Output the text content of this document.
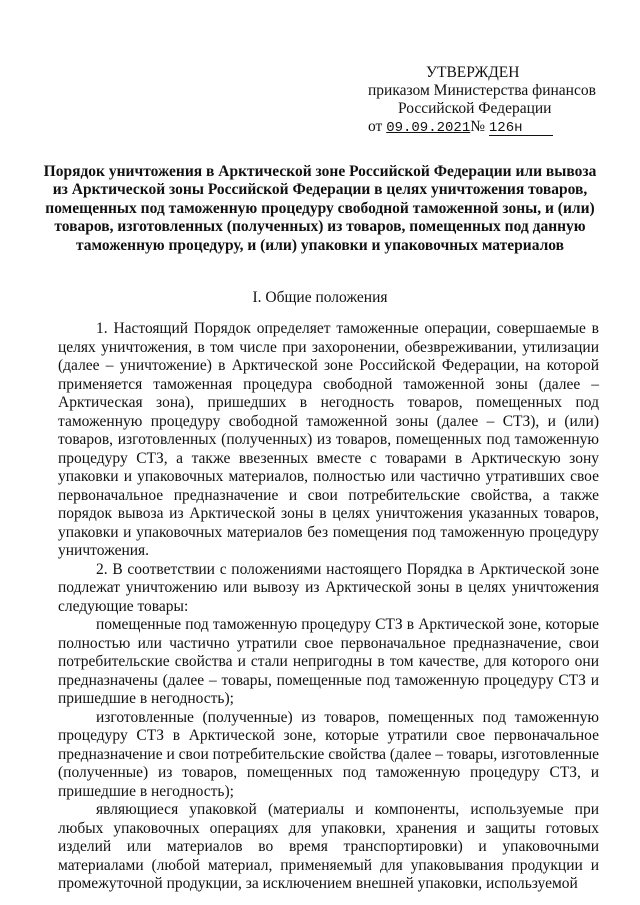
УТВЕРЖДЕН
приказом Министерства финансов
Российской Федерации
от 09.09.2021№ 126н
Порядок уничтожения в Арктической зоне Российской Федерации или вывоза из Арктической зоны Российской Федерации в целях уничтожения товаров, помещенных под таможенную процедуру свободной таможенной зоны, и (или) товаров, изготовленных (полученных) из товаров, помещенных под данную таможенную процедуру, и (или) упаковки и упаковочных материалов
I. Общие положения

1. Настоящий Порядок определяет таможенные операции, совершаемые в целях уничтожения, в том числе при захоронении, обезвреживании, утилизации (далее – уничтожение) в Арктической зоне Российской Федерации, на которой применяется таможенная процедура свободной таможенной зоны (далее – Арктическая зона), пришедших в негодность товаров, помещенных под таможенную процедуру свободной таможенной зоны (далее – СТЗ), и (или) товаров, изготовленных (полученных) из товаров, помещенных под таможенную процедуру СТЗ, а также ввезенных вместе с товарами в Арктическую зону упаковки и упаковочных материалов, полностью или частично утративших свое первоначальное предназначение и свои потребительские свойства, а также порядок вывоза из Арктической зоны в целях уничтожения указанных товаров, упаковки и упаковочных материалов без помещения под таможенную процедуру уничтожения.

2. В соответствии с положениями настоящего Порядка в Арктической зоне подлежат уничтожению или вывозу из Арктической зоны в целях уничтожения следующие товары:

помещенные под таможенную процедуру СТЗ в Арктической зоне, которые полностью или частично утратили свое первоначальное предназначение, свои потребительские свойства и стали непригодны в том качестве, для которого они предназначены (далее – товары, помещенные под таможенную процедуру СТЗ и пришедшие в негодность);

изготовленные (полученные) из товаров, помещенных под таможенную процедуру СТЗ в Арктической зоне, которые утратили свое первоначальное предназначение и свои потребительские свойства (далее – товары, изготовленные (полученные) из товаров, помещенных под таможенную процедуру СТЗ, и пришедшие в негодность);

являющиеся упаковкой (материалы и компоненты, используемые при любых упаковочных операциях для упаковки, хранения и защиты готовых изделий или материалов во время транспортировки) и упаковочными материалами (любой материал, применяемый для упаковывания продукции и промежуточной продукции, за исключением внешней упаковки, используемой
